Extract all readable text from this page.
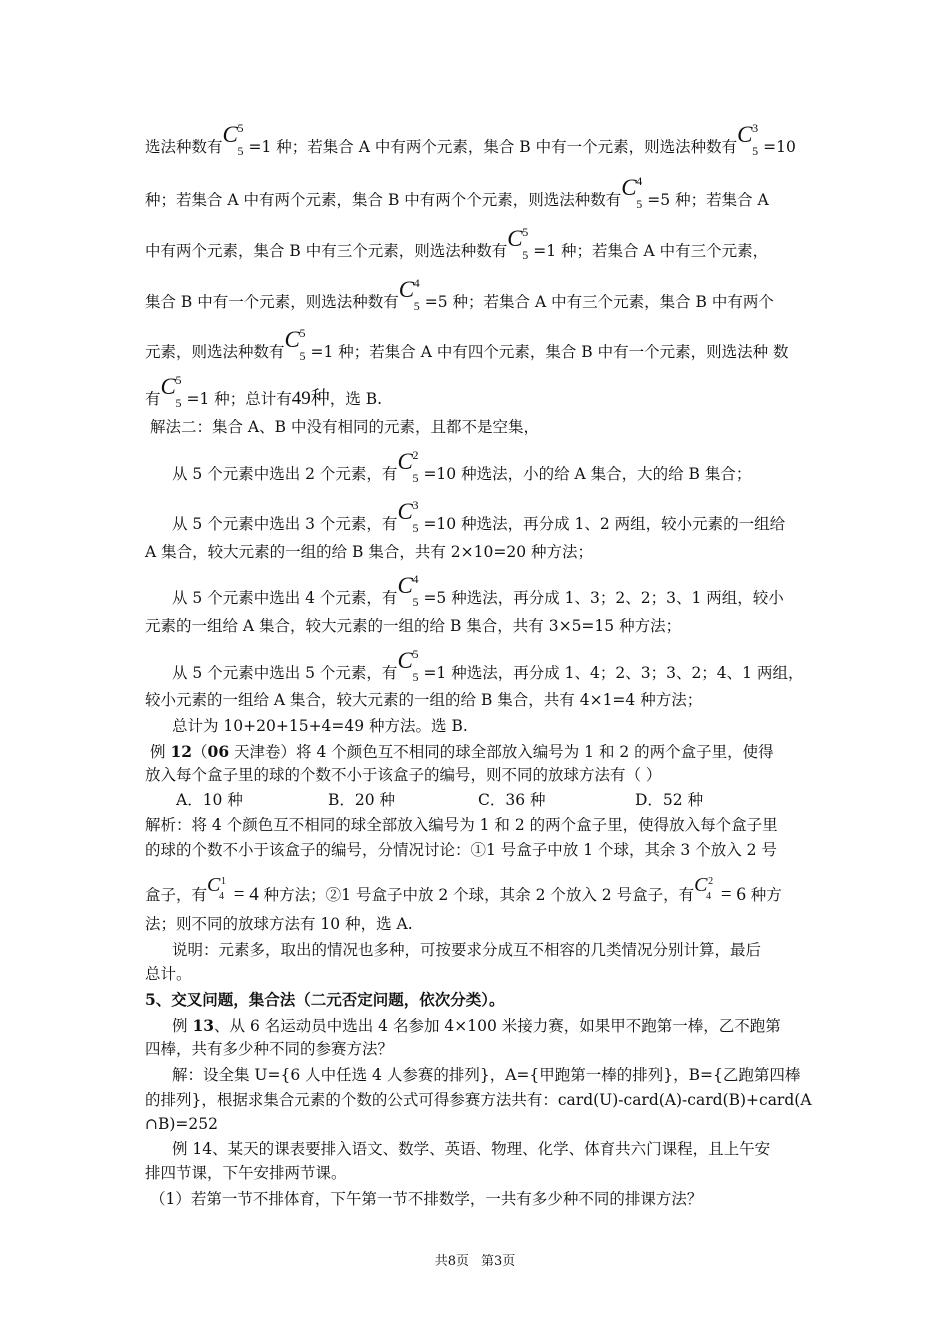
选法种数有 C 5
5 =1 种；若集合 A 中有两个元素，集合 B 中有一个元素，则选法种数有 C 3
5 =10
种；若集合 A 中有两个元素，集合 B 中有两个个元素，则选法种数有 C 4
5 =5 种；若集合 A
中有两个元素，集合 B 中有三个元素，则选法种数有 C 5
5 =1 种；若集合 A 中有三个元素，
集合 B 中有一个元素，则选法种数有 C 4
5 =5 种；若集合 A 中有三个元素，集合 B 中有两个
元素，则选法种数有 C 5
5 =1 种；若集合 A 中有四个元素，集合 B 中有一个元素，则选法种 数
有 C 5
5 =1 种；总计有49种，选 B.
解法二：集合 A、B 中没有相同的元素，且都不是空集，
从 5 个元素中选出 2 个元素，有 C 2
5 =10 种选法，小的给 A 集合，大的给 B 集合；
从 5 个元素中选出 3 个元素，有 C 3
5 =10 种选法，再分成 1、2 两组，较小元素的一组给
A 集合，较大元素的一组的给 B 集合，共有 2×10=20 种方法；
从 5 个元素中选出 4 个元素，有 C 4
5 =5 种选法，再分成 1、3；2、2；3、1 两组，较小
元素的一组给 A 集合，较大元素的一组的给 B 集合，共有 3×5=15 种方法；
从 5 个元素中选出 5 个元素，有 C 5
5 =1 种选法，再分成 1、4；2、3；3、2；4、1 两组，
较小元素的一组给 A 集合，较大元素的一组的给 B 集合，共有 4×1=4 种方法；
总计为 10+20+15+4=49 种方法。选 B.
例 12（06 天津卷）将 4 个颜色互不相同的球全部放入编号为 1 和 2 的两个盒子里，使得
放入每个盒子里的球的个数不小于该盒子的编号，则不同的放球方法有（ ）
A．10 种	B．20 种	C．36 种	D．52 种
解析：将 4 个颜色互不相同的球全部放入编号为 1 和 2 的两个盒子里，使得放入每个盒子里
的球的个数不小于该盒子的编号，分情况讨论：①1 号盒子中放 1 个球，其余 3 个放入 2 号
盒子，有 C 1
4 = 4 种方法；②1 号盒子中放 2 个球，其余 2 个放入 2 号盒子，有 C 2
4 = 6 种方
法；则不同的放球方法有 10 种，选 A.
说明：元素多，取出的情况也多种，可按要求分成互不相容的几类情况分别计算，最后
总计。
5、交叉问题，集合法（二元否定问题，依次分类）。
例 13、从 6 名运动员中选出 4 名参加 4×100 米接力赛，如果甲不跑第一棒，乙不跑第
四棒，共有多少种不同的参赛方法？
解：设全集 U={6 人中任选 4 人参赛的排列}，A={甲跑第一棒的排列}，B={乙跑第四棒
的排列}，根据求集合元素的个数的公式可得参赛方法共有：card(U)-card(A)-card(B)+card(A
∩B)=252
例 14、某天的课表要排入语文、数学、英语、物理、化学、体育共六门课程，且上午安
排四节课，下午安排两节课。
（1）若第一节不排体育，下午第一节不排数学，一共有多少种不同的排课方法？
共8页 第3页
